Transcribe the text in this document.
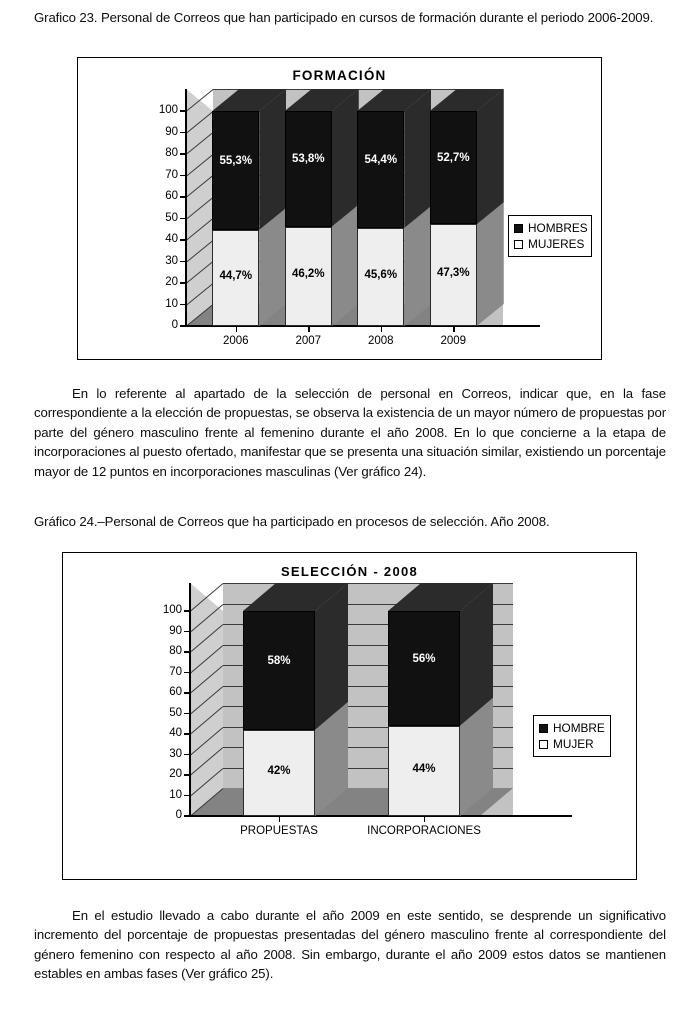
Grafico 23. Personal de Correos que han participado en cursos de formación durante el periodo 2006-2009.
FORMACIÓN
0
10
20
30
40
50
60
70
80
90
100
44,7%
55,3%
2006
46,2%
53,8%
2007
45,6%
54,4%
2008
47,3%
52,7%
2009
HOMBRES
MUJERES
En lo referente al apartado de la selección de personal en Correos, indicar que, en la fase correspondiente a la elección de propuestas, se observa la existencia de un mayor número de propuestas por parte del género masculino frente al femenino durante el año 2008. En lo que concierne a la etapa de incorporaciones al puesto ofertado, manifestar que se presenta una situación similar, existiendo un porcentaje mayor de 12 puntos en incorporaciones masculinas (Ver gráfico 24).
Gráfico 24.–Personal de Correos que ha participado en procesos de selección. Año 2008.
SELECCIÓN - 2008
0
10
20
30
40
50
60
70
80
90
100
42%
58%
PROPUESTAS
44%
56%
INCORPORACIONES
HOMBRE
MUJER
En el estudio llevado a cabo durante el año 2009 en este sentido, se desprende un significativo incremento del porcentaje de propuestas presentadas del género masculino frente al correspondiente del género femenino con respecto al año 2008. Sin embargo, durante el año 2009 estos datos se mantienen estables en ambas fases (Ver gráfico 25).
